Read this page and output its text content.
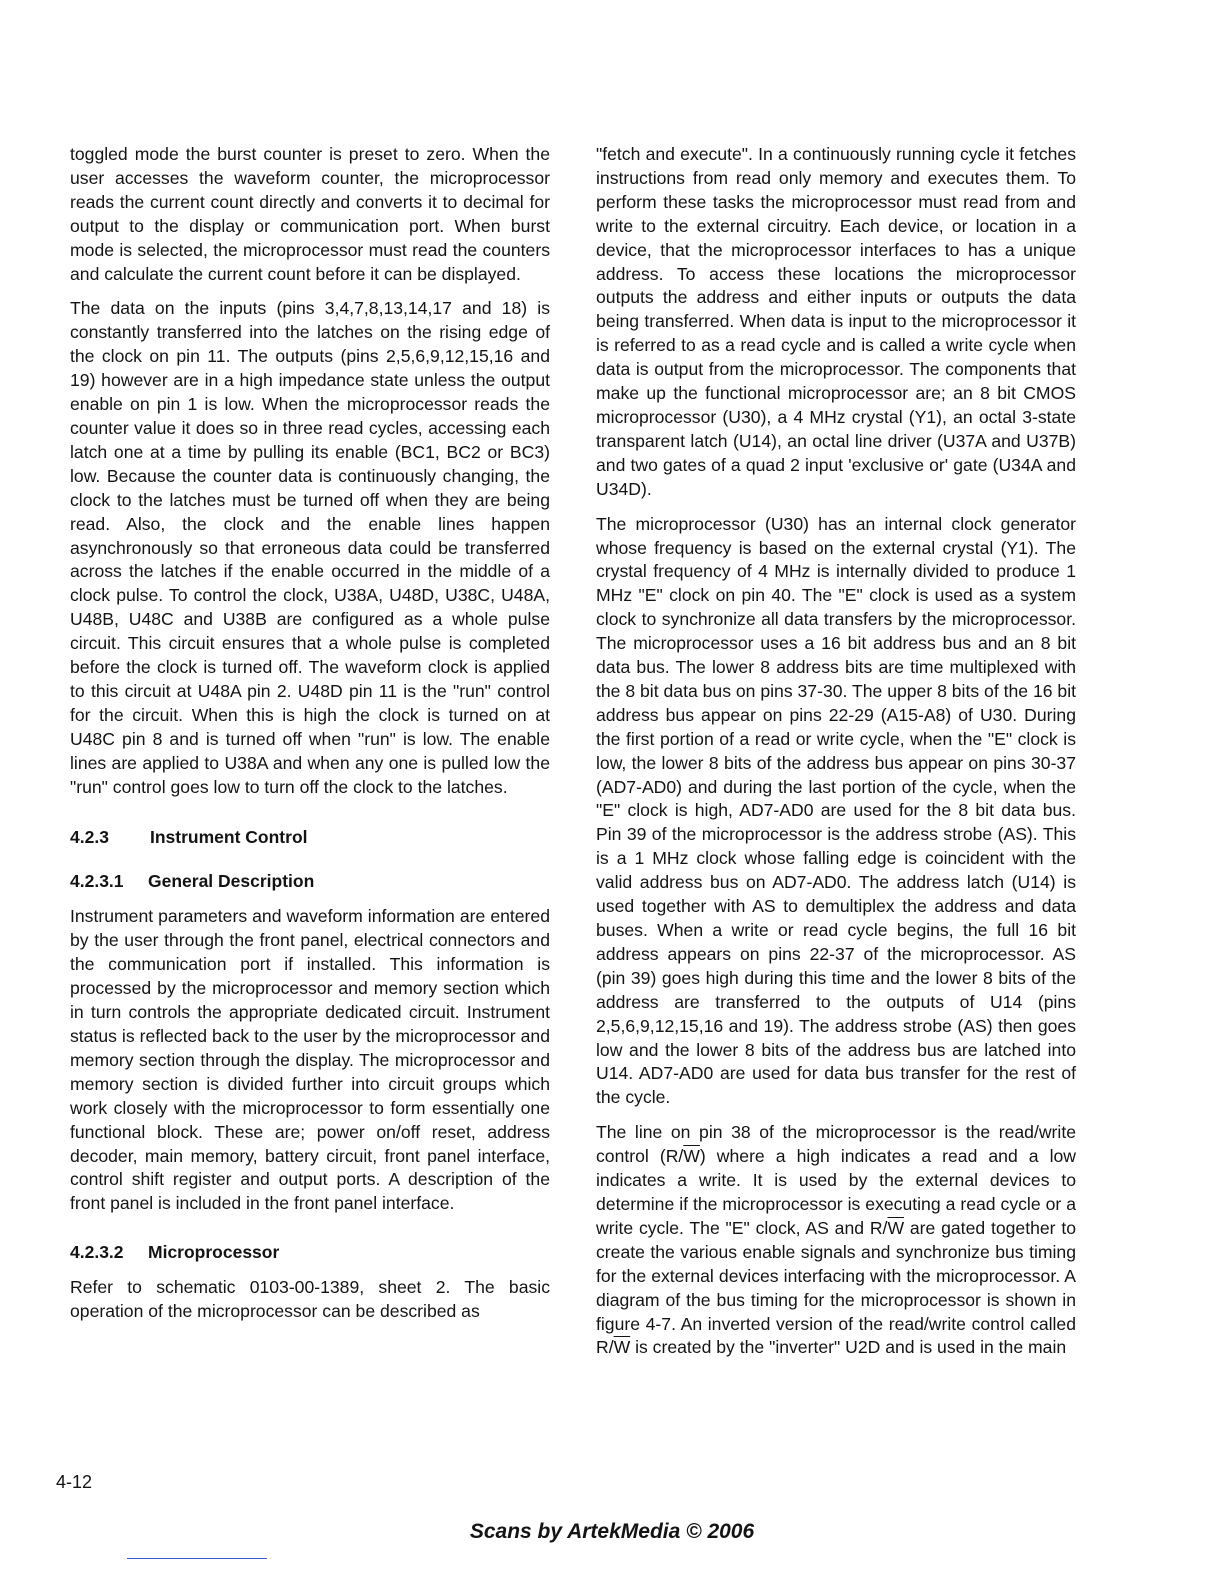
toggled mode the burst counter is preset to zero. When the user accesses the waveform counter, the microprocessor reads the current count directly and converts it to decimal for output to the display or communication port. When burst mode is selected, the microprocessor must read the counters and calculate the current count before it can be displayed.

The data on the inputs (pins 3,4,7,8,13,14,17 and 18) is constantly transferred into the latches on the rising edge of the clock on pin 11. The outputs (pins 2,5,6,9,12,15,16 and 19) however are in a high impedance state unless the output enable on pin 1 is low. When the microprocessor reads the counter value it does so in three read cycles, accessing each latch one at a time by pulling its enable (BC1, BC2 or BC3) low. Because the counter data is continuously changing, the clock to the latches must be turned off when they are being read. Also, the clock and the enable lines happen asynchronously so that erroneous data could be transferred across the latches if the enable occurred in the middle of a clock pulse. To control the clock, U38A, U48D, U38C, U48A, U48B, U48C and U38B are configured as a whole pulse circuit. This circuit ensures that a whole pulse is completed before the clock is turned off. The waveform clock is applied to this circuit at U48A pin 2. U48D pin 11 is the "run" control for the circuit. When this is high the clock is turned on at U48C pin 8 and is turned off when "run" is low. The enable lines are applied to U38A and when any one is pulled low the "run" control goes low to turn off the clock to the latches.

4.2.3 Instrument Control
4.2.3.1 General Description

Instrument parameters and waveform information are entered by the user through the front panel, electrical connectors and the communication port if installed. This information is processed by the microprocessor and memory section which in turn controls the appropriate dedicated circuit. Instrument status is reflected back to the user by the microprocessor and memory section through the display. The microprocessor and memory section is divided further into circuit groups which work closely with the microprocessor to form essentially one functional block. These are; power on/off reset, address decoder, main memory, battery circuit, front panel interface, control shift register and output ports. A description of the front panel is included in the front panel interface.

4.2.3.2 Microprocessor

Refer to schematic 0103-00-1389, sheet 2. The basic operation of the microprocessor can be described as

"fetch and execute". In a continuously running cycle it fetches instructions from read only memory and executes them. To perform these tasks the microprocessor must read from and write to the external circuitry. Each device, or location in a device, that the microprocessor interfaces to has a unique address. To access these locations the microprocessor outputs the address and either inputs or outputs the data being transferred. When data is input to the microprocessor it is referred to as a read cycle and is called a write cycle when data is output from the microprocessor. The components that make up the functional microprocessor are; an 8 bit CMOS microprocessor (U30), a 4 MHz crystal (Y1), an octal 3-state transparent latch (U14), an octal line driver (U37A and U37B) and two gates of a quad 2 input 'exclusive or' gate (U34A and U34D).

The microprocessor (U30) has an internal clock generator whose frequency is based on the external crystal (Y1). The crystal frequency of 4 MHz is internally divided to produce 1 MHz "E" clock on pin 40. The "E" clock is used as a system clock to synchronize all data transfers by the microprocessor. The microprocessor uses a 16 bit address bus and an 8 bit data bus. The lower 8 address bits are time multiplexed with the 8 bit data bus on pins 37-30. The upper 8 bits of the 16 bit address bus appear on pins 22-29 (A15-A8) of U30. During the first portion of a read or write cycle, when the "E" clock is low, the lower 8 bits of the address bus appear on pins 30-37 (AD7-AD0) and during the last portion of the cycle, when the "E" clock is high, AD7-AD0 are used for the 8 bit data bus. Pin 39 of the microprocessor is the address strobe (AS). This is a 1 MHz clock whose falling edge is coincident with the valid address bus on AD7-AD0. The address latch (U14) is used together with AS to demultiplex the address and data buses. When a write or read cycle begins, the full 16 bit address appears on pins 22-37 of the microprocessor. AS (pin 39) goes high during this time and the lower 8 bits of the address are transferred to the outputs of U14 (pins 2,5,6,9,12,15,16 and 19). The address strobe (AS) then goes low and the lower 8 bits of the address bus are latched into U14. AD7-AD0 are used for data bus transfer for the rest of the cycle.

The line on pin 38 of the microprocessor is the read/write control $(R/\overline{W})$ where a high indicates a read and a low indicates a write. It is used by the external devices to determine if the microprocessor is executing a read cycle or a write cycle. The "E" clock, AS and $R/\overline{W}$ are gated together to create the various enable signals and synchronize bus timing for the external devices interfacing with the microprocessor. A diagram of the bus timing for the microprocessor is shown in figure 4-7. An inverted version of the read/write control called $R/\overline{W}$ is created by the "inverter" U2D and is used in the main

4-12
Scans by ArtekMedia © 2006
